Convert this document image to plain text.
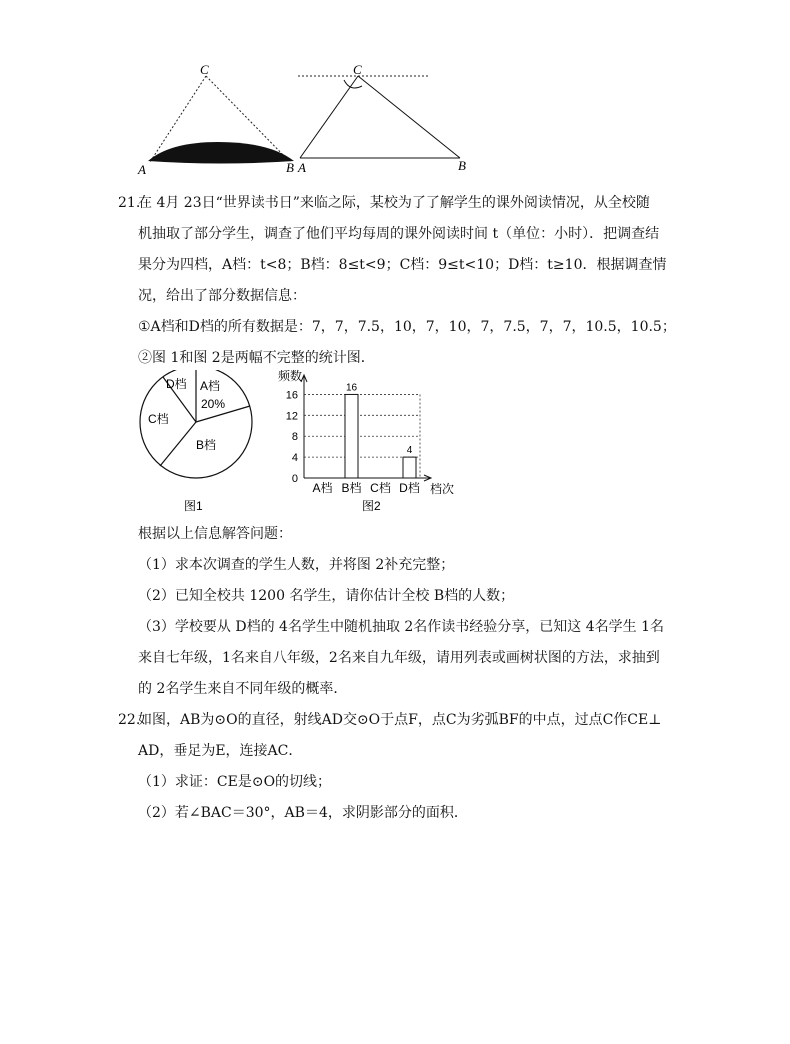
C
A	B
C
A	B
21.
在 4月 23日“世界读书日”来临之际，某校为了了解学生的课外阅读情况，从全校随
机抽取了部分学生，调查了他们平均每周的课外阅读时间 t（单位：小时）．把调查结
果分为四档，A档：t<8；B档：8≤t<9；C档：9≤t<10；D档：t≥10．根据调查情
况，给出了部分数据信息：
①A档和D档的所有数据是：7，7，7.5，10，7，10，7，7.5，7，7，10.5，10.5；
②图 1和图 2是两幅不完整的统计图．
D档 A档
20%
C档
B档
图1
0
4
8
12
16
A档
16
B档 C档
4
D档
频数
档次
图2
根据以上信息解答问题：
（1）求本次调查的学生人数，并将图 2补充完整；
（2）已知全校共 1200 名学生，请你估计全校 B档的人数；
（3）学校要从 D档的 4名学生中随机抽取 2名作读书经验分享，已知这 4名学生 1名
来自七年级，1名来自八年级，2名来自九年级，请用列表或画树状图的方法，求抽到
的 2名学生来自不同年级的概率．
22.
如图，AB为⊙O的直径，射线AD交⊙O于点F，点C为劣弧BF的中点，过点C作CE⊥
AD，垂足为E，连接AC．
（1）求证：CE是⊙O的切线；
（2）若∠BAC＝30°，AB＝4，求阴影部分的面积．
